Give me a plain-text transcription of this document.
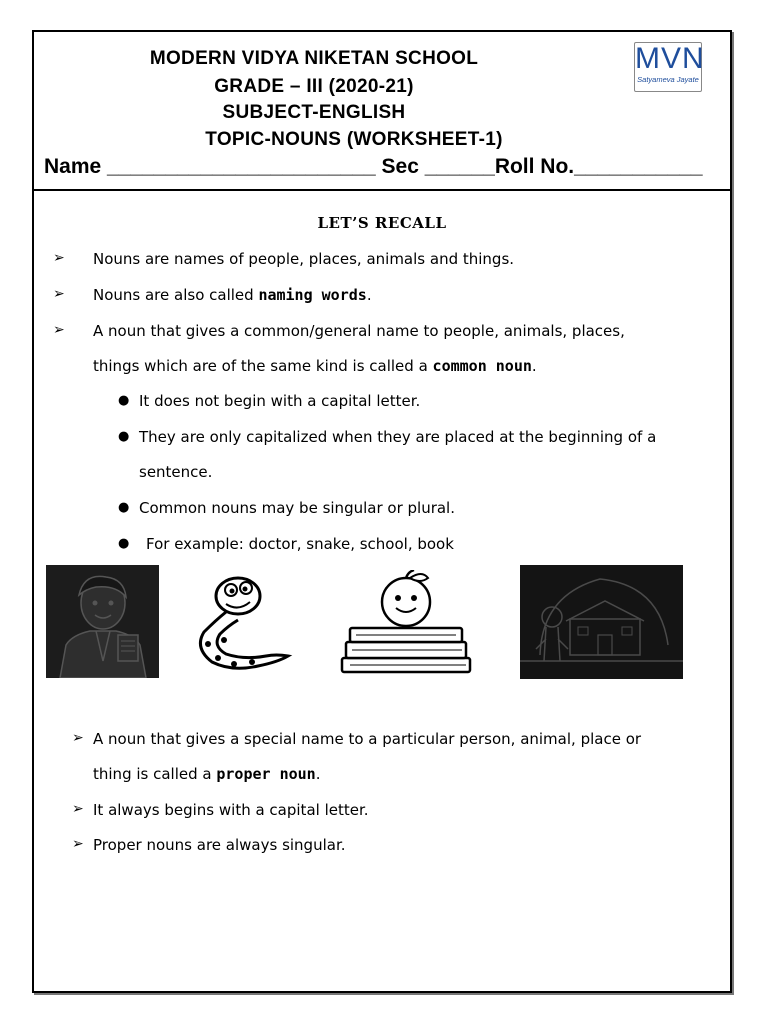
MODERN VIDYA NIKETAN SCHOOL
GRADE – III (2020-21)
SUBJECT-ENGLISH
TOPIC-NOUNS (WORKSHEET-1)
MVN
Satyameva Jayate
Name _______________________ Sec ______Roll No.___________
LET’S RECALL
➢ Nouns are names of people, places, animals and things.
➢ Nouns are also called naming words.
➢ A noun that gives a common/general name to people, animals, places,
things which are of the same kind is called a common noun.
● It does not begin with a capital letter.
● They are only capitalized when they are placed at the beginning of a
sentence.
● Common nouns may be singular or plural.
● For example: doctor, snake, school, book
➢ A noun that gives a special name to a particular person, animal, place or
thing is called a proper noun.
➢ It always begins with a capital letter.
➢ Proper nouns are always singular.
